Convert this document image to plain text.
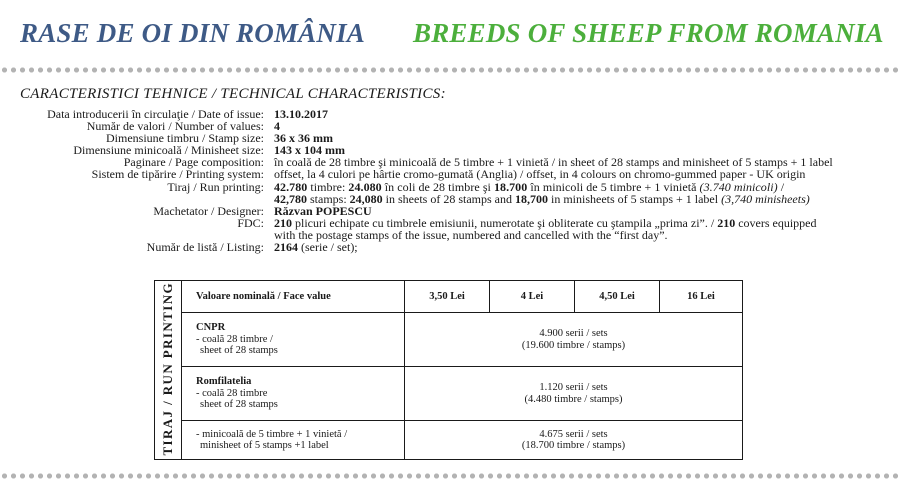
RASE DE OI DIN ROMÂNIA BREEDS OF SHEEP FROM ROMANIA
CARACTERISTICI TEHNICE / TECHNICAL CHARACTERISTICS:
Data introducerii în circulaţie / Date of issue: 13.10.2017
Număr de valori / Number of values: 4
Dimensiune timbru / Stamp size: 36 x 36 mm
Dimensiune minicoală / Minisheet size: 143 x 104 mm
Paginare / Page composition: în coală de 28 timbre şi minicoală de 5 timbre + 1 vinietă / in sheet of 28 stamps and minisheet of 5 stamps + 1 label
Sistem de tipărire / Printing system: offset, la 4 culori pe hârtie cromo-gumată (Anglia) / offset, in 4 colours on chromo-gummed paper - UK origin
Tiraj / Run printing: 42.780 timbre: 24.080 în coli de 28 timbre şi 18.700 în minicoli de 5 timbre + 1 vinietă (3.740 minicoli) /
42,780 stamps: 24,080 in sheets of 28 stamps and 18,700 in minisheets of 5 stamps + 1 label (3,740 minisheets)
Machetator / Designer: Răzvan POPESCU
FDC: 210 plicuri echipate cu timbrele emisiunii, numerotate şi obliterate cu ştampila „prima zi”. / 210 covers equipped
with the postage stamps of the issue, numbered and cancelled with the “first day”.
Număr de listă / Listing: 2164 (serie / set);
TIRAJ / RUN PRINTING	Valoare nominală / Face value	3,50 Lei	4 Lei	4,50 Lei	16 Lei
	CNPR
- coală 28 timbre /
sheet of 28 stamps	4.900 serii / sets
(19.600 timbre / stamps)			
	Romfilatelia
- coală 28 timbre
sheet of 28 stamps	1.120 serii / sets
(4.480 timbre / stamps)			
	- minicoală de 5 timbre + 1 vinietă /
minisheet of 5 stamps +1 label	4.675 serii / sets
(18.700 timbre / stamps)			
